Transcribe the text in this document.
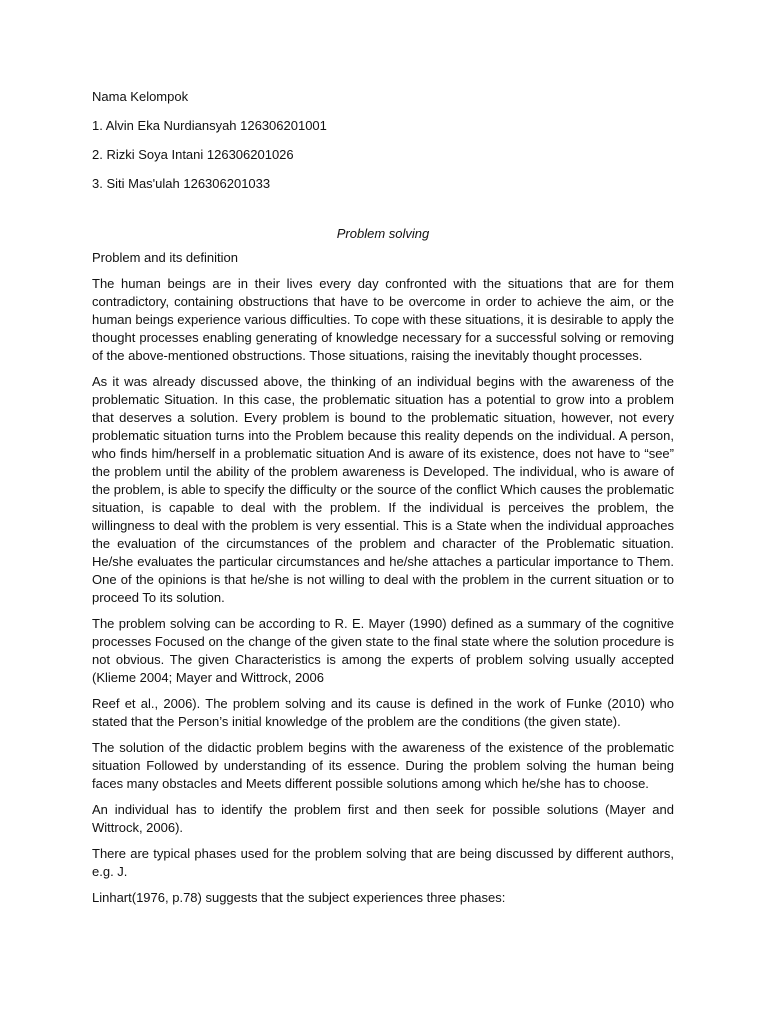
Nama Kelompok
1. Alvin Eka Nurdiansyah 126306201001
2. Rizki Soya Intani 126306201026
3. Siti Mas'ulah 126306201033
Problem solving
Problem and its definition

The human beings are in their lives every day confronted with the situations that are for them contradictory, containing obstructions that have to be overcome in order to achieve the aim, or the human beings experience various difficulties. To cope with these situations, it is desirable to apply the thought processes enabling generating of knowledge necessary for a successful solving or removing of the above-mentioned obstructions. Those situations, raising the inevitably thought processes.

As it was already discussed above, the thinking of an individual begins with the awareness of the problematic Situation. In this case, the problematic situation has a potential to grow into a problem that deserves a solution. Every problem is bound to the problematic situation, however, not every problematic situation turns into the Problem because this reality depends on the individual. A person, who finds him/herself in a problematic situation And is aware of its existence, does not have to “see” the problem until the ability of the problem awareness is Developed. The individual, who is aware of the problem, is able to specify the difficulty or the source of the conflict Which causes the problematic situation, is capable to deal with the problem. If the individual is perceives the problem, the willingness to deal with the problem is very essential. This is a State when the individual approaches the evaluation of the circumstances of the problem and character of the Problematic situation. He/she evaluates the particular circumstances and he/she attaches a particular importance to Them. One of the opinions is that he/she is not willing to deal with the problem in the current situation or to proceed To its solution.

The problem solving can be according to R. E. Mayer (1990) defined as a summary of the cognitive processes Focused on the change of the given state to the final state where the solution procedure is not obvious. The given Characteristics is among the experts of problem solving usually accepted (Klieme 2004; Mayer and Wittrock, 2006

Reef et al., 2006). The problem solving and its cause is defined in the work of Funke (2010) who stated that the Person’s initial knowledge of the problem are the conditions (the given state).

The solution of the didactic problem begins with the awareness of the existence of the problematic situation Followed by understanding of its essence. During the problem solving the human being faces many obstacles and Meets different possible solutions among which he/she has to choose.

An individual has to identify the problem first and then seek for possible solutions (Mayer and Wittrock, 2006).

There are typical phases used for the problem solving that are being discussed by different authors, e.g. J.

Linhart(1976, p.78) suggests that the subject experiences three phases:
